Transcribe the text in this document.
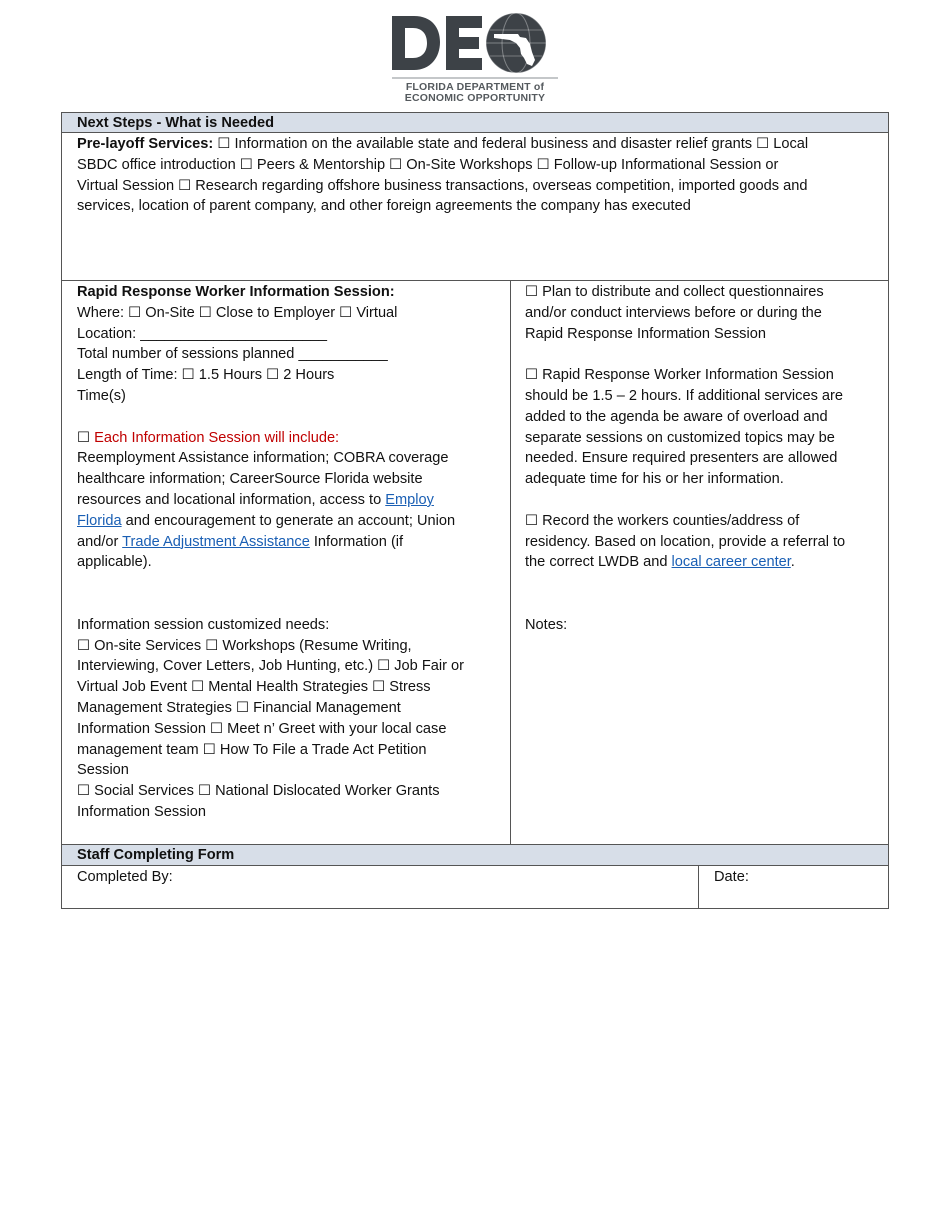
FLORIDA DEPARTMENT of
ECONOMIC OPPORTUNITY
Next Steps - What is Needed
Pre-layoff Services: ☐ Information on the available state and federal business and disaster relief grants ☐ Local
SBDC office introduction ☐ Peers & Mentorship ☐ On-Site Workshops ☐ Follow-up Informational Session or
Virtual Session ☐ Research regarding offshore business transactions, overseas competition, imported goods and
services, location of parent company, and other foreign agreements the company has executed
Rapid Response Worker Information Session:
Where: ☐ On-Site ☐ Close to Employer ☐ Virtual
Location: _______________________
Total number of sessions planned ___________
Length of Time: ☐ 1.5 Hours ☐ 2 Hours
Time(s)
☐ Each Information Session will include:
Reemployment Assistance information; COBRA coverage
healthcare information; CareerSource Florida website
resources and locational information, access to Employ
Florida and encouragement to generate an account; Union
and/or Trade Adjustment Assistance Information (if
applicable).
Information session customized needs:
☐ On-site Services ☐ Workshops (Resume Writing,
Interviewing, Cover Letters, Job Hunting, etc.) ☐ Job Fair or
Virtual Job Event ☐ Mental Health Strategies ☐ Stress
Management Strategies ☐ Financial Management
Information Session ☐ Meet n’ Greet with your local case
management team ☐ How To File a Trade Act Petition
Session
☐ Social Services ☐ National Dislocated Worker Grants
Information Session
☐ Plan to distribute and collect questionnaires
and/or conduct interviews before or during the
Rapid Response Information Session
☐ Rapid Response Worker Information Session
should be 1.5 – 2 hours. If additional services are
added to the agenda be aware of overload and
separate sessions on customized topics may be
needed. Ensure required presenters are allowed
adequate time for his or her information.
☐ Record the workers counties/address of
residency. Based on location, provide a referral to
the correct LWDB and local career center.
Notes:
Staff Completing Form
Completed By:	Date:
